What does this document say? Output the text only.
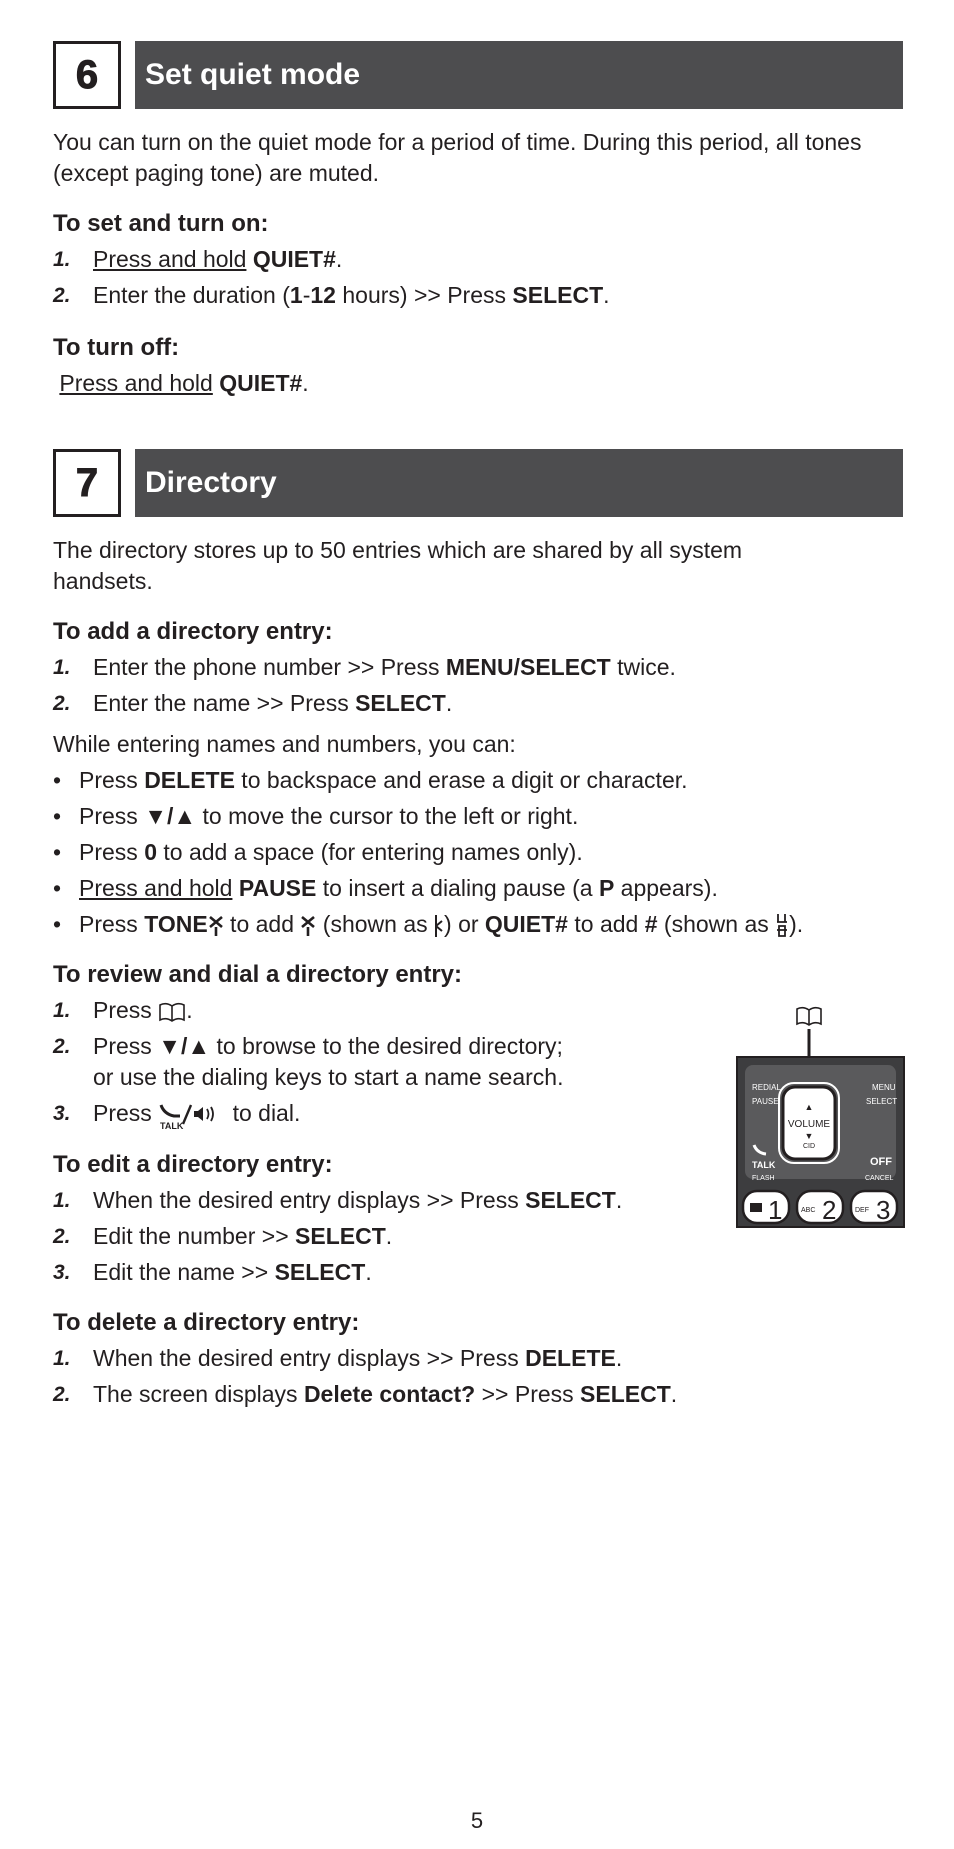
6	Set quiet mode

You can turn on the quiet mode for a period of time. During this period, all tones (except paging tone) are muted.

To set and turn on:
1. Press and hold QUIET#.
2. Enter the duration (1-12 hours) >> Press SELECT.
To turn off:
Press and hold QUIET#.
7	Directory

The directory stores up to 50 entries which are shared by all system handsets.

To add a directory entry:
1. Enter the phone number >> Press MENU/SELECT twice.
2. Enter the name >> Press SELECT.
While entering names and numbers, you can:
• Press DELETE to backspace and erase a digit or character.
• Press ▼/▲ to move the cursor to the left or right.
• Press 0 to add a space (for entering names only).
• Press and hold PAUSE to insert a dialing pause (a P appears).
• Press TONE to add  (shown as ) or QUIET# to add # (shown as ).
To review and dial a directory entry:
1. Press .
2. Press ▼/▲ to browse to the desired directory;
or use the dialing keys to start a name search.
3. Press TALK to dial.
To edit a directory entry:
1. When the desired entry displays >> Press SELECT.
2. Edit the number >> SELECT.
3. Edit the name >> SELECT.
To delete a directory entry:
1. When the desired entry displays >> Press DELETE.
2. The screen displays Delete contact? >> Press SELECT.
REDIAL
PAUSE
MENU
SELECT
▲
VOLUME
▼
CID
TALK
FLASH
OFF
CANCEL
1	ABC 2	DEF 3
5
